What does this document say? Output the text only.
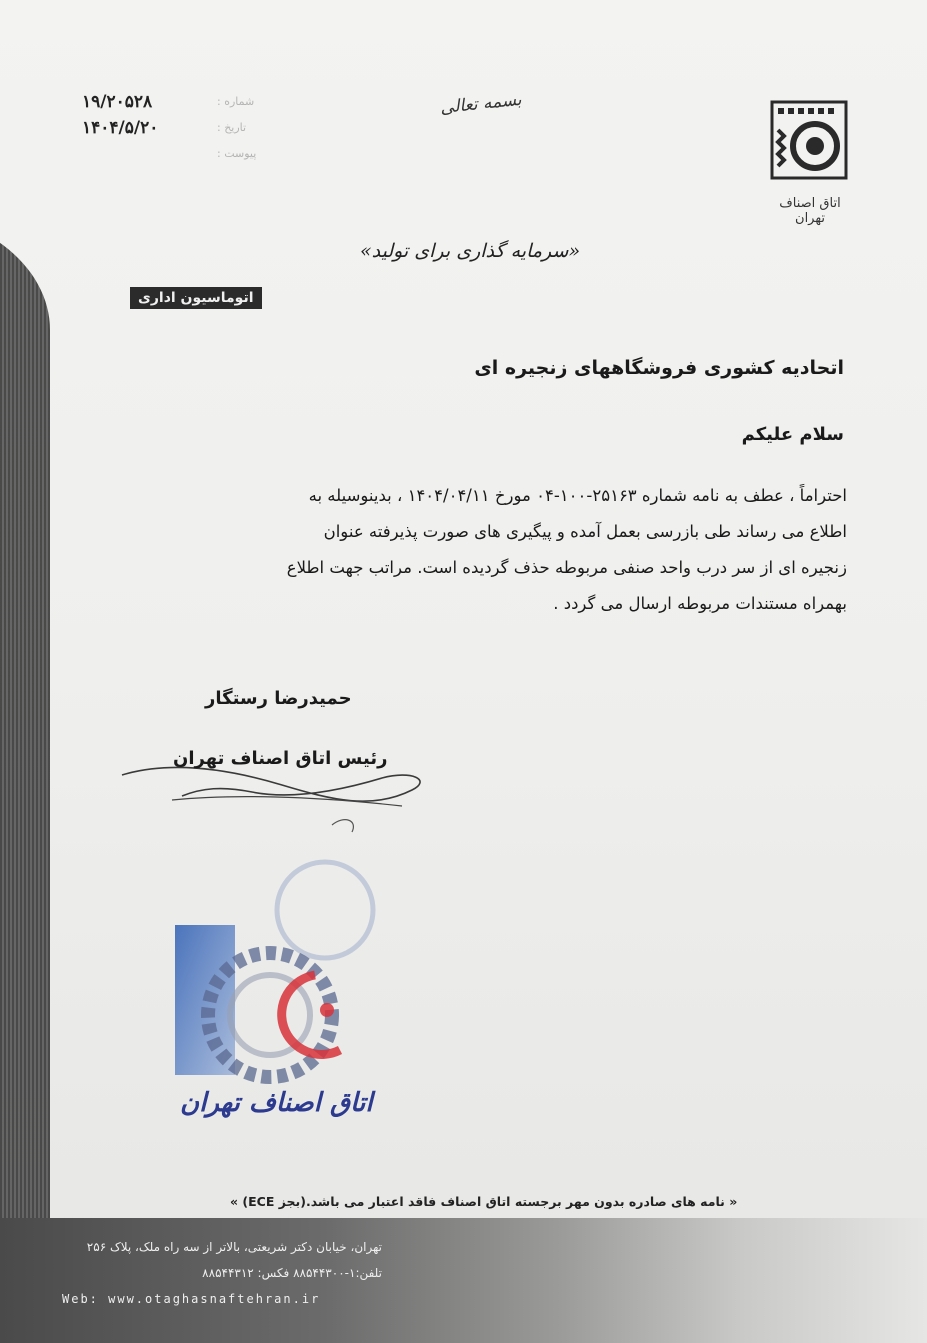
۱۹/۲۰۵۲۸	شماره :
۱۴۰۴/۵/۲۰	تاریخ :
پیوست :
بسمه تعالی
اتاق اصناف تهران
«سرمایه گذاری برای تولید»
اتوماسیون اداری
اتحادیه کشوری فروشگاههای زنجیره ای
سلام علیکم

احتراماً ، عطف به نامه شماره ۲۵۱۶۳-۱۰۰-۰۴ مورخ ۱۴۰۴/۰۴/۱۱ ، بدینوسیله به

اطلاع می رساند طی بازرسی بعمل آمده و پیگیری های صورت پذیرفته عنوان

زنجیره ای از سر درب واحد صنفی مربوطه حذف گردیده است. مراتب جهت اطلاع

بهمراه مستندات مربوطه ارسال می گردد .

حمیدرضا رستگار
رئیس اتاق اصناف تهران
اتاق اصناف تهران
« نامه های صادره بدون مهر برجسته اتاق اصناف فاقد اعتبار می باشد.(بجز ECE) »
تهران، خیابان دکتر شریعتی، بالاتر از سه راه ملک، پلاک ۲۵۶
تلفن:۱-۸۸۵۴۴۳۰۰ فکس: ۸۸۵۴۴۳۱۲
Web: www.otaghasnaftehran.ir
